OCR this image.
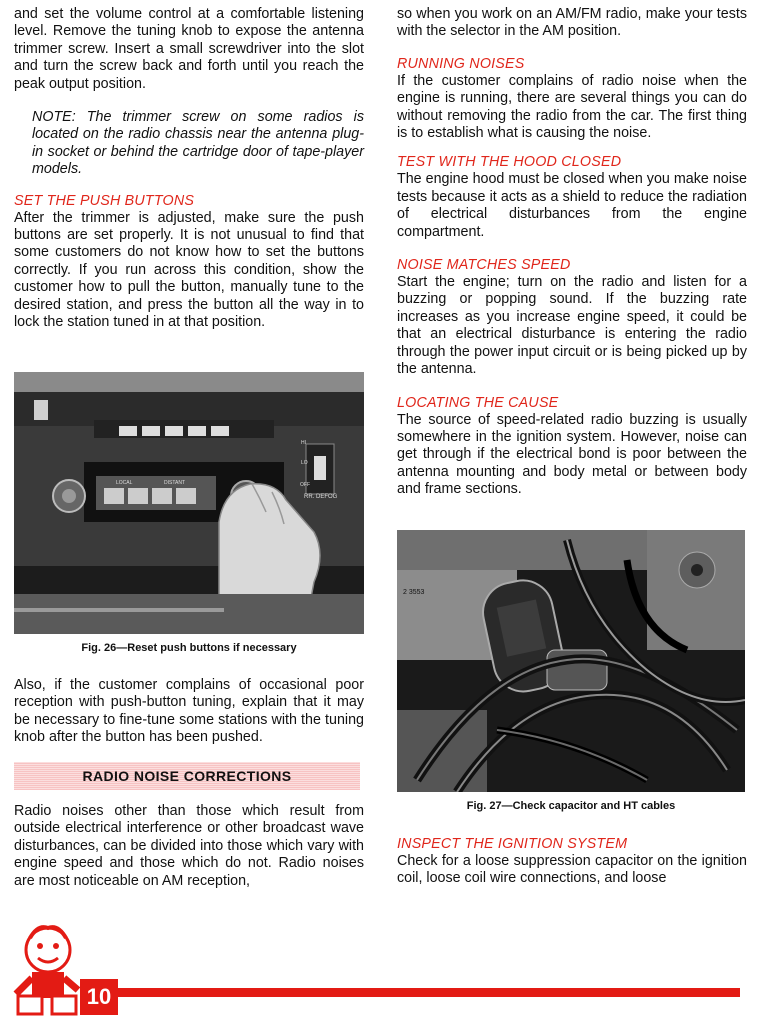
and set the volume control at a comfortable listening level. Remove the tuning knob to expose the antenna trimmer screw. Insert a small screwdriver into the slot and turn the screw back and forth until you reach the peak output position.

NOTE: The trimmer screw on some radios is located on the radio chassis near the antenna plug-in socket or behind the cartridge door of tape-player models.

SET THE PUSH BUTTONS

After the trimmer is adjusted, make sure the push buttons are set properly. It is not unusual to find that some customers do not know how to set the buttons correctly. If you run across this condition, show the customer how to pull the button, manually tune to the desired station, and press the button all the way in to lock the station tuned in at that position.

LOCAL	DISTANT
HI
LO
OFF
RR. DEFOG
Fig. 26—Reset push buttons if necessary

Also, if the customer complains of occasional poor reception with push-button tuning, explain that it may be necessary to fine-tune some stations with the tuning knob after the button has been pushed.

RADIO NOISE CORRECTIONS

Radio noises other than those which result from outside electrical interference or other broadcast wave disturbances, can be divided into those which vary with engine speed and those which do not. Radio noises are most noticeable on AM reception,

so when you work on an AM/FM radio, make your tests with the selector in the AM position.

RUNNING NOISES

If the customer complains of radio noise when the engine is running, there are several things you can do without removing the radio from the car. The first thing is to establish what is causing the noise.

TEST WITH THE HOOD CLOSED

The engine hood must be closed when you make noise tests because it acts as a shield to reduce the radiation of electrical disturbances from the engine compartment.

NOISE MATCHES SPEED

Start the engine; turn on the radio and listen for a buzzing or popping sound. If the buzzing rate increases as you increase engine speed, it could be that an electrical disturbance is entering the radio through the power input circuit or is being picked up by the antenna.

LOCATING THE CAUSE

The source of speed-related radio buzzing is usually somewhere in the ignition system. However, noise can get through if the electrical bond is poor between the antenna mounting and body metal or between body and frame sections.

2 3553
Fig. 27—Check capacitor and HT cables
INSPECT THE IGNITION SYSTEM

Check for a loose suppression capacitor on the ignition coil, loose coil wire connections, and loose

10
